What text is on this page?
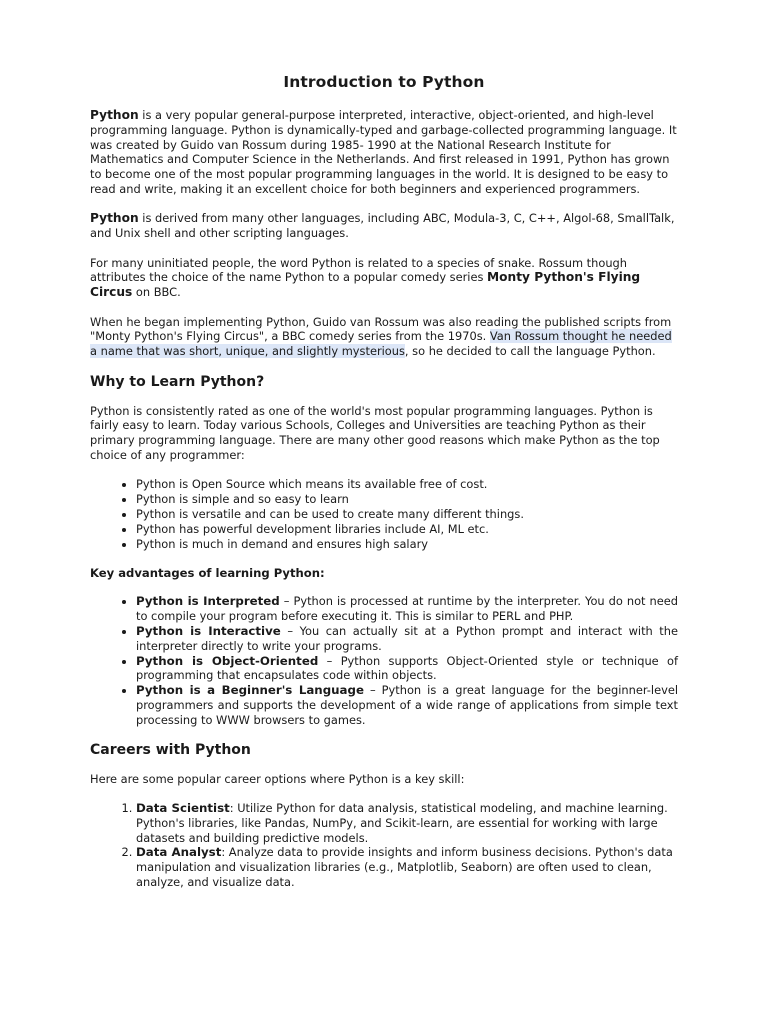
Introduction to Python

Python is a very popular general-purpose interpreted, interactive, object-oriented, and high-level programming language. Python is dynamically-typed and garbage-collected programming language. It was created by Guido van Rossum during 1985- 1990 at the National Research Institute for Mathematics and Computer Science in the Netherlands. And first released in 1991, Python has grown to become one of the most popular programming languages in the world. It is designed to be easy to read and write, making it an excellent choice for both beginners and experienced programmers.

Python is derived from many other languages, including ABC, Modula-3, C, C++, Algol-68, SmallTalk, and Unix shell and other scripting languages.

For many uninitiated people, the word Python is related to a species of snake. Rossum though attributes the choice of the name Python to a popular comedy series Monty Python's Flying Circus on BBC.

When he began implementing Python, Guido van Rossum was also reading the published scripts from "Monty Python's Flying Circus", a BBC comedy series from the 1970s. Van Rossum thought he needed a name that was short, unique, and slightly mysterious, so he decided to call the language Python.

Why to Learn Python?

Python is consistently rated as one of the world's most popular programming languages. Python is fairly easy to learn. Today various Schools, Colleges and Universities are teaching Python as their primary programming language. There are many other good reasons which make Python as the top choice of any programmer:

• Python is Open Source which means its available free of cost.
• Python is simple and so easy to learn
• Python is versatile and can be used to create many different things.
• Python has powerful development libraries include AI, ML etc.
• Python is much in demand and ensures high salary
Key advantages of learning Python:
• Python is Interpreted – Python is processed at runtime by the interpreter. You do not need to compile your program before executing it. This is similar to PERL and PHP.
• Python is Interactive – You can actually sit at a Python prompt and interact with the interpreter directly to write your programs.
• Python is Object-Oriented – Python supports Object-Oriented style or technique of programming that encapsulates code within objects.
• Python is a Beginner's Language – Python is a great language for the beginner-level programmers and supports the development of a wide range of applications from simple text processing to WWW browsers to games.
Careers with Python

Here are some popular career options where Python is a key skill:

1. Data Scientist: Utilize Python for data analysis, statistical modeling, and machine learning. Python's libraries, like Pandas, NumPy, and Scikit-learn, are essential for working with large datasets and building predictive models.
2. Data Analyst: Analyze data to provide insights and inform business decisions. Python's data manipulation and visualization libraries (e.g., Matplotlib, Seaborn) are often used to clean, analyze, and visualize data.
